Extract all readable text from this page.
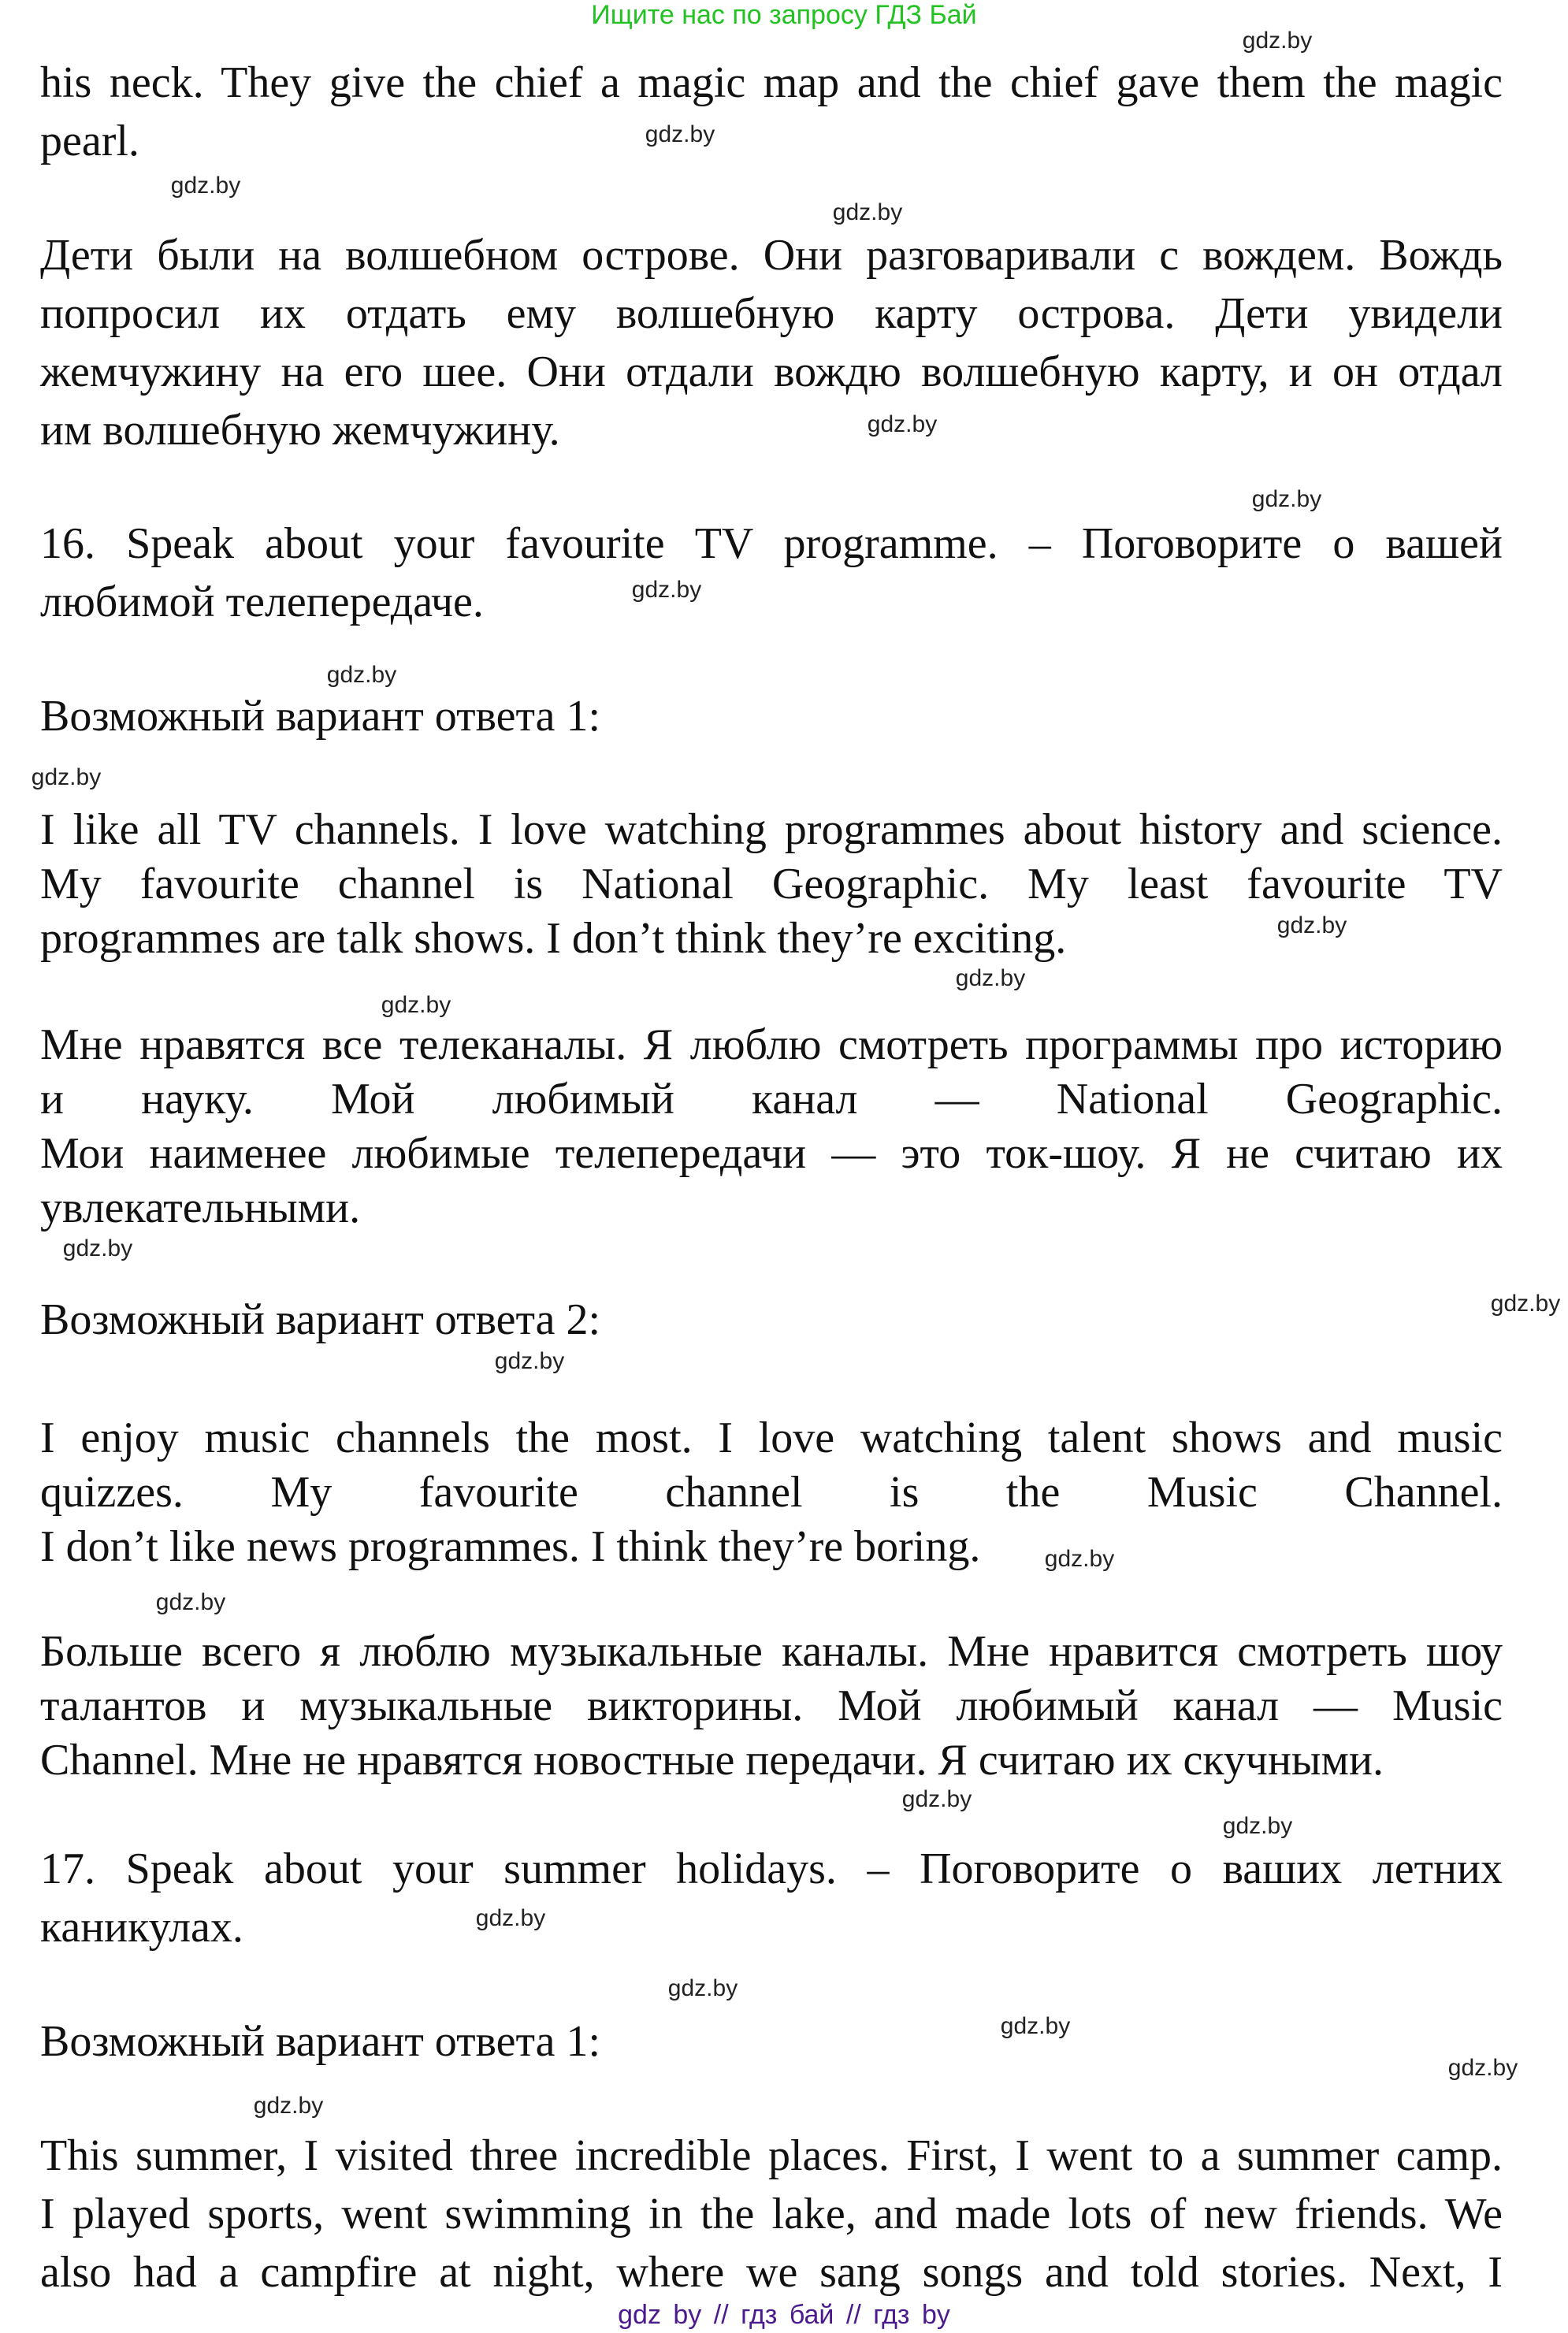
Ищите нас по запросу ГДЗ Бай
his neck. They give the chief a magic map and the chief gave them the magic
pearl.
Дети были на волшебном острове. Они разговаривали с вождем. Вождь
попросил их отдать ему волшебную карту острова. Дети увидели
жемчужину на его шее. Они отдали вождю волшебную карту, и он отдал
им волшебную жемчужину.
16. Speak about your favourite TV programme. – Поговорите о вашей
любимой телепередаче.
Возможный вариант ответа 1:
I like all TV channels. I love watching programmes about history and science.
My favourite channel is National Geographic. My least favourite TV
programmes are talk shows. I don’t think they’re exciting.
Мне нравятся все телеканалы. Я люблю смотреть программы про историю
и науку. Мой любимый канал — National Geographic.
Мои наименее любимые телепередачи — это ток-шоу. Я не считаю их
увлекательными.
Возможный вариант ответа 2:
I enjoy music channels the most. I love watching talent shows and music
quizzes. My favourite channel is the Music Channel.
I don’t like news programmes. I think they’re boring.
Больше всего я люблю музыкальные каналы. Мне нравится смотреть шоу
талантов и музыкальные викторины. Мой любимый канал — Music
Channel. Мне не нравятся новостные передачи. Я считаю их скучными.
17. Speak about your summer holidays. – Поговорите о ваших летних
каникулах.
Возможный вариант ответа 1:
This summer, I visited three incredible places. First, I went to a summer camp.
I played sports, went swimming in the lake, and made lots of new friends. We
also had a campfire at night, where we sang songs and told stories. Next, I
gdz.by
gdz.by
gdz.by
gdz.by
gdz.by
gdz.by
gdz.by
gdz.by
gdz.by
gdz.by
gdz.by
gdz.by
gdz.by
gdz.by
gdz.by
gdz.by
gdz.by
gdz.by
gdz.by
gdz.by
gdz.by
gdz.by
gdz.by
gdz.by
gdz by // гдз бай // гдз by
